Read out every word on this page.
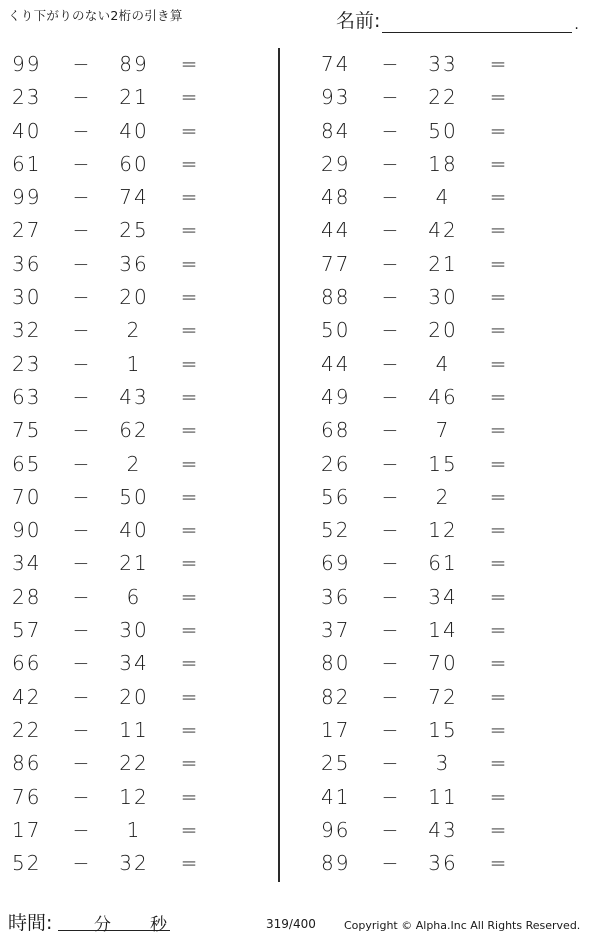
くり下がりのない2桁の引き算	名前:	.
99	−	89	=
23	−	21	=
40	−	40	=
61	−	60	=
99	−	74	=
27	−	25	=
36	−	36	=
30	−	20	=
32	−	2	=
23	−	1	=
63	−	43	=
75	−	62	=
65	−	2	=
70	−	50	=
90	−	40	=
34	−	21	=
28	−	6	=
57	−	30	=
66	−	34	=
42	−	20	=
22	−	11	=
86	−	22	=
76	−	12	=
17	−	1	=
52	−	32	=
74	−	33	=
93	−	22	=
84	−	50	=
29	−	18	=
48	−	4	=
44	−	42	=
77	−	21	=
88	−	30	=
50	−	20	=
44	−	4	=
49	−	46	=
68	−	7	=
26	−	15	=
56	−	2	=
52	−	12	=
69	−	61	=
36	−	34	=
37	−	14	=
80	−	70	=
82	−	72	=
17	−	15	=
25	−	3	=
41	−	11	=
96	−	43	=
89	−	36	=
時間: 分 秒	319/400	Copyright © Alpha.Inc All Rights Reserved.
